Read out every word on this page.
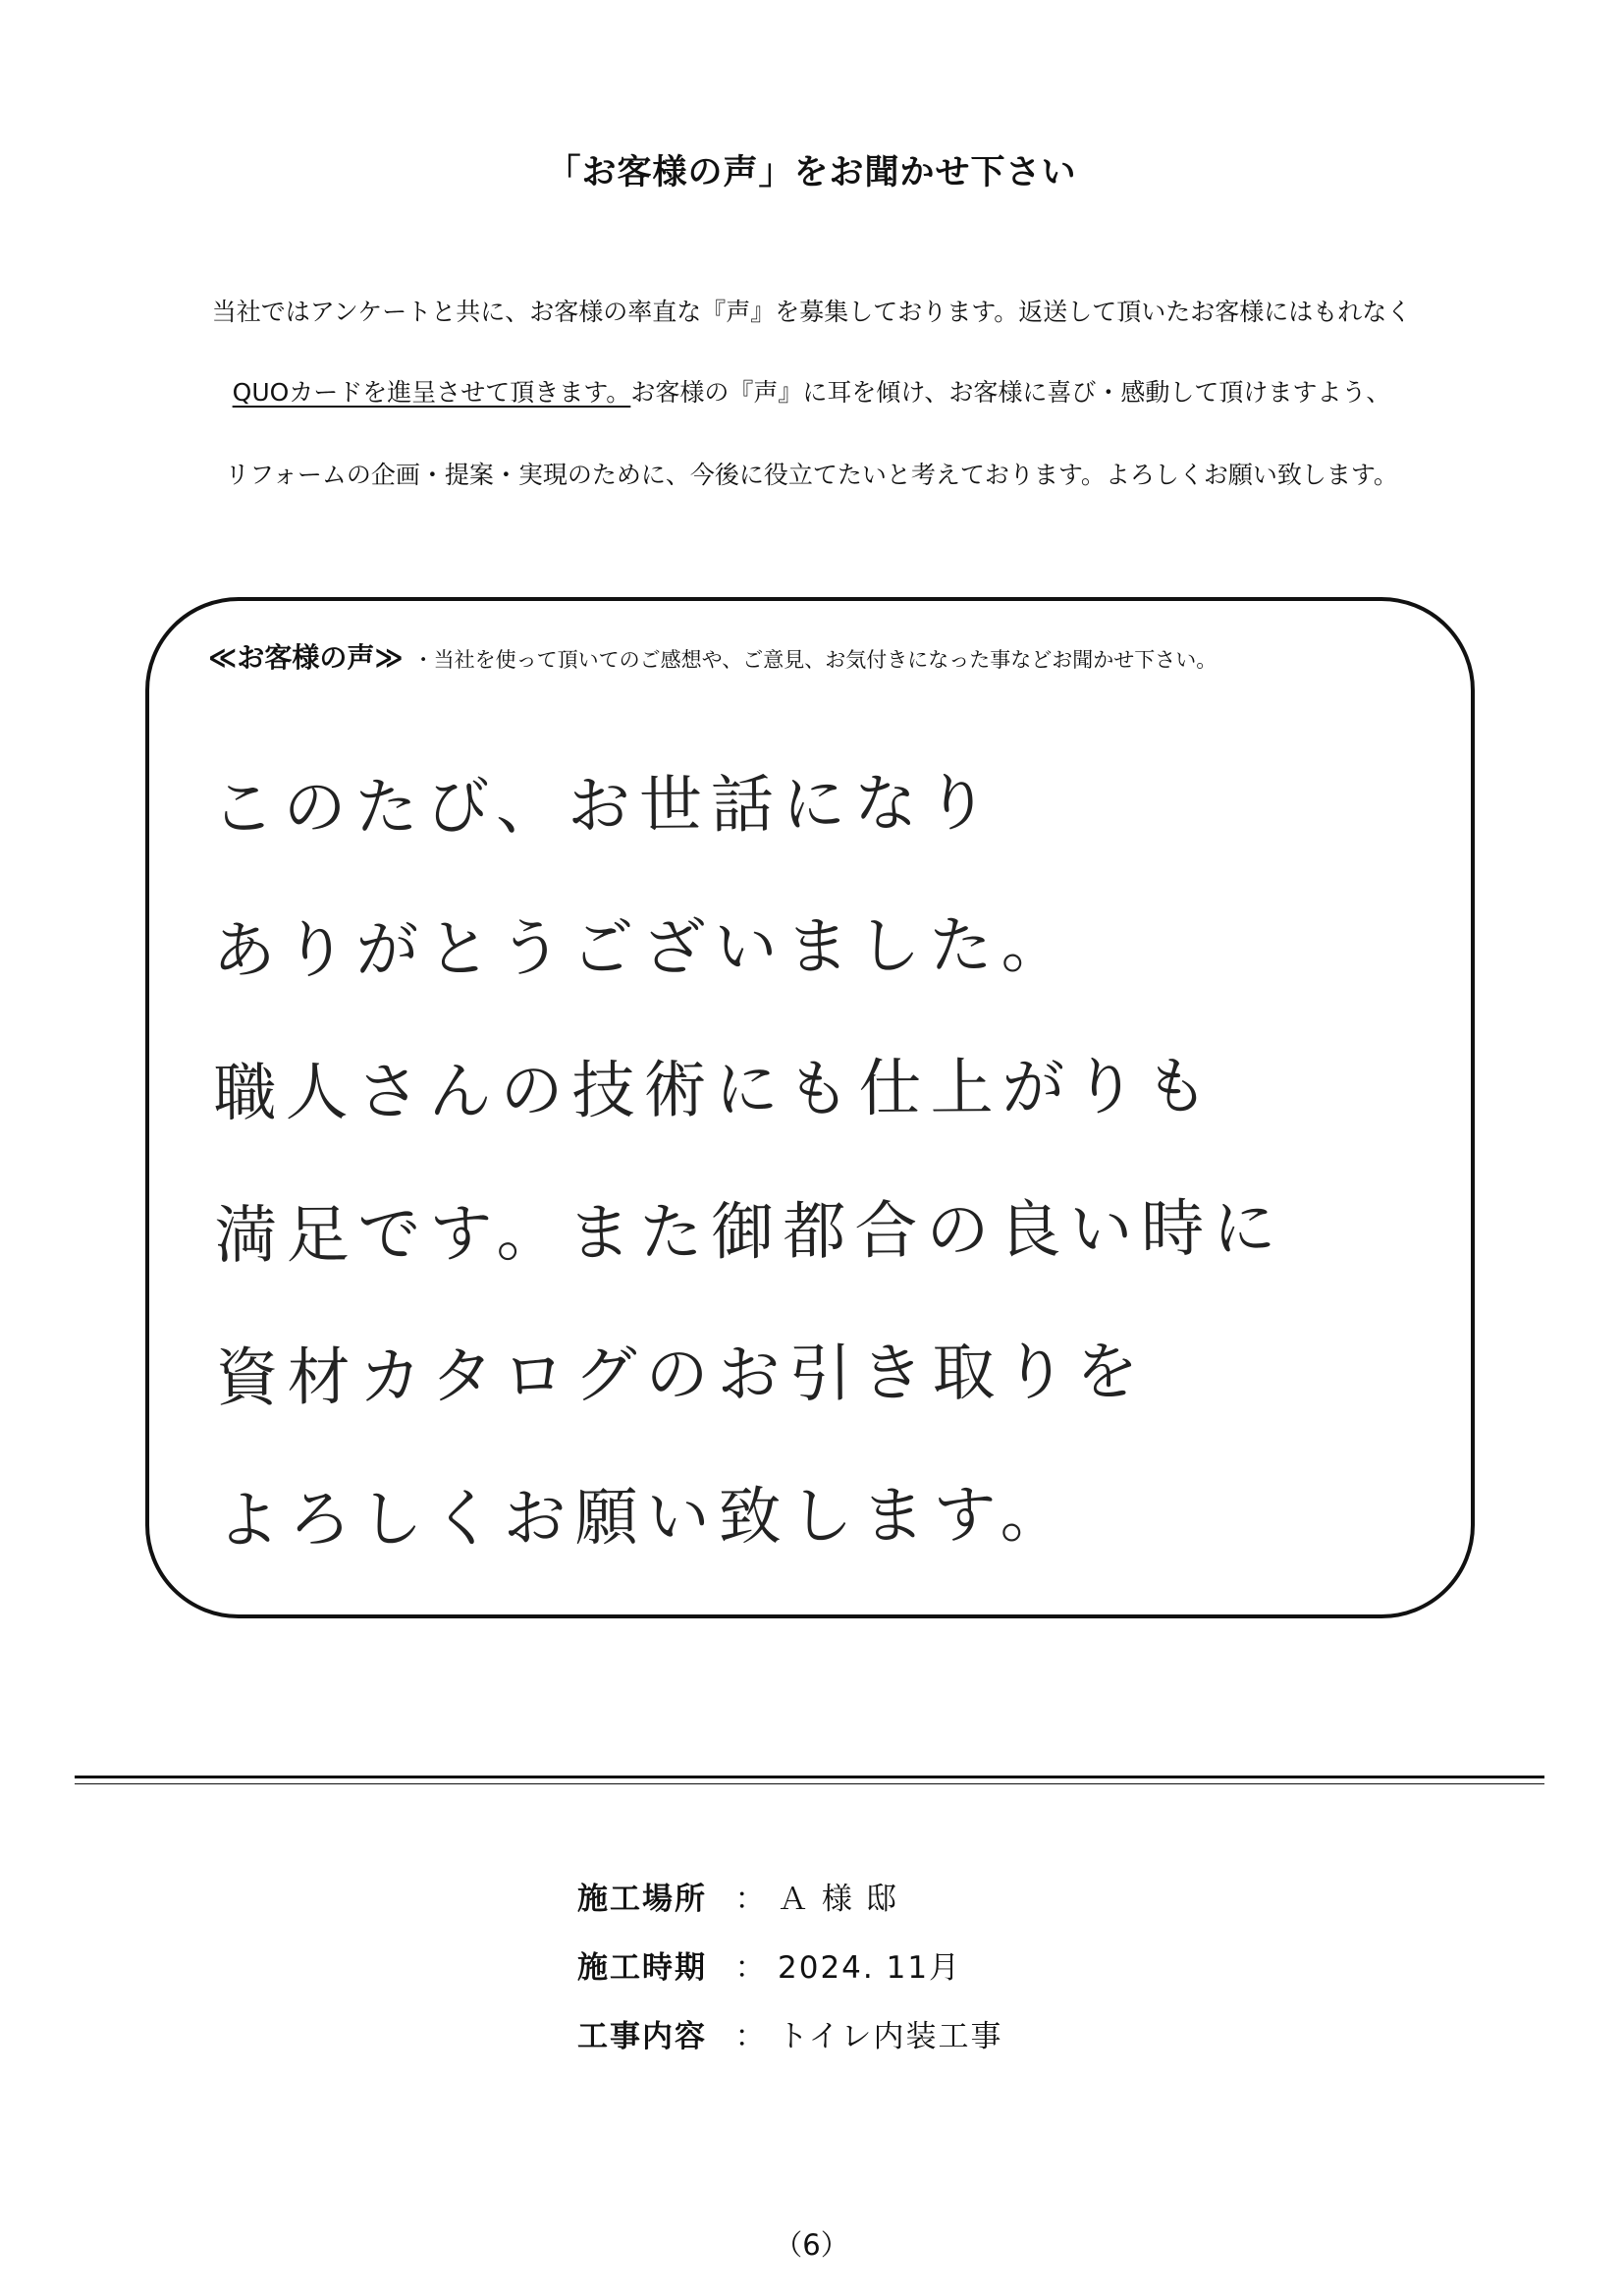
「お客様の声」をお聞かせ下さい
当社ではアンケートと共に、お客様の率直な『声』を募集しております。返送して頂いたお客様にはもれなく
QUOカードを進呈させて頂きます。お客様の『声』に耳を傾け、お客様に喜び・感動して頂けますよう、
リフォームの企画・提案・実現のために、今後に役立てたいと考えております。よろしくお願い致します。
≪お客様の声≫ ・当社を使って頂いてのご感想や、ご意見、お気付きになった事などお聞かせ下さい。
このたび、お世話になり
ありがとうございました。
職人さんの技術にも仕上がりも
満足です。また御都合の良い時に
資材カタログのお引き取りを
よろしくお願い致します。
施工場所 ： Ａ 様 邸
施工時期 ： 2024. 11月
工事内容 ： トイレ内装工事
（6）
